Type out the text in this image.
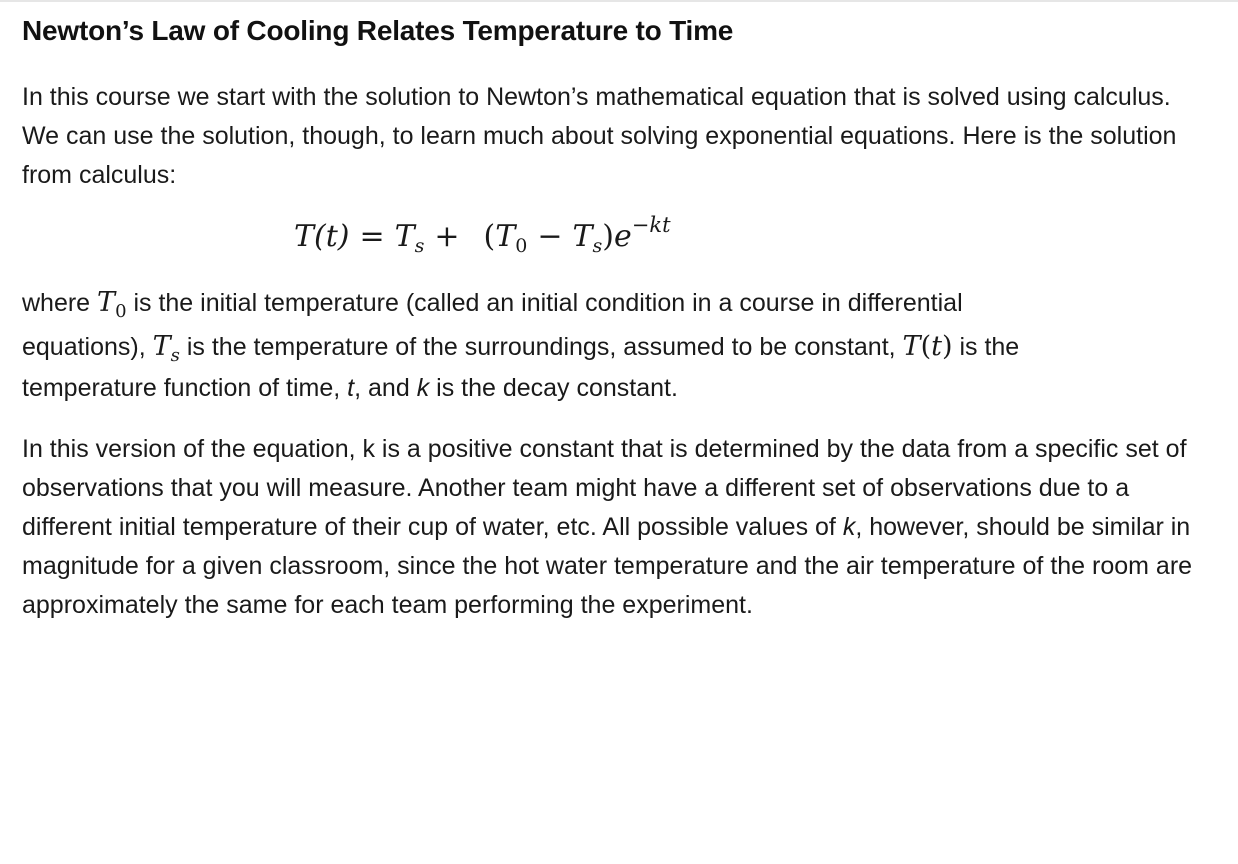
Newton’s Law of Cooling Relates Temperature to Time

In this course we start with the solution to Newton’s mathematical equation that is solved using calculus. We can use the solution, though, to learn much about solving exponential equations. Here is the solution from calculus:

$T(t) = T_s + (T_0 - T_s)e^{-kt}$

where $T_0$ is the initial temperature (called an initial condition in a course in differential
equations), $T_s$ is the temperature of the surroundings, assumed to be constant, T(t) is the
temperature function of time, t, and k is the decay constant.

In this version of the equation, k is a positive constant that is determined by the data from a specific set of observations that you will measure. Another team might have a different set of observations due to a different initial temperature of their cup of water, etc. All possible values of k, however, should be similar in magnitude for a given classroom, since the hot water temperature and the air temperature of the room are approximately the same for each team performing the experiment.
